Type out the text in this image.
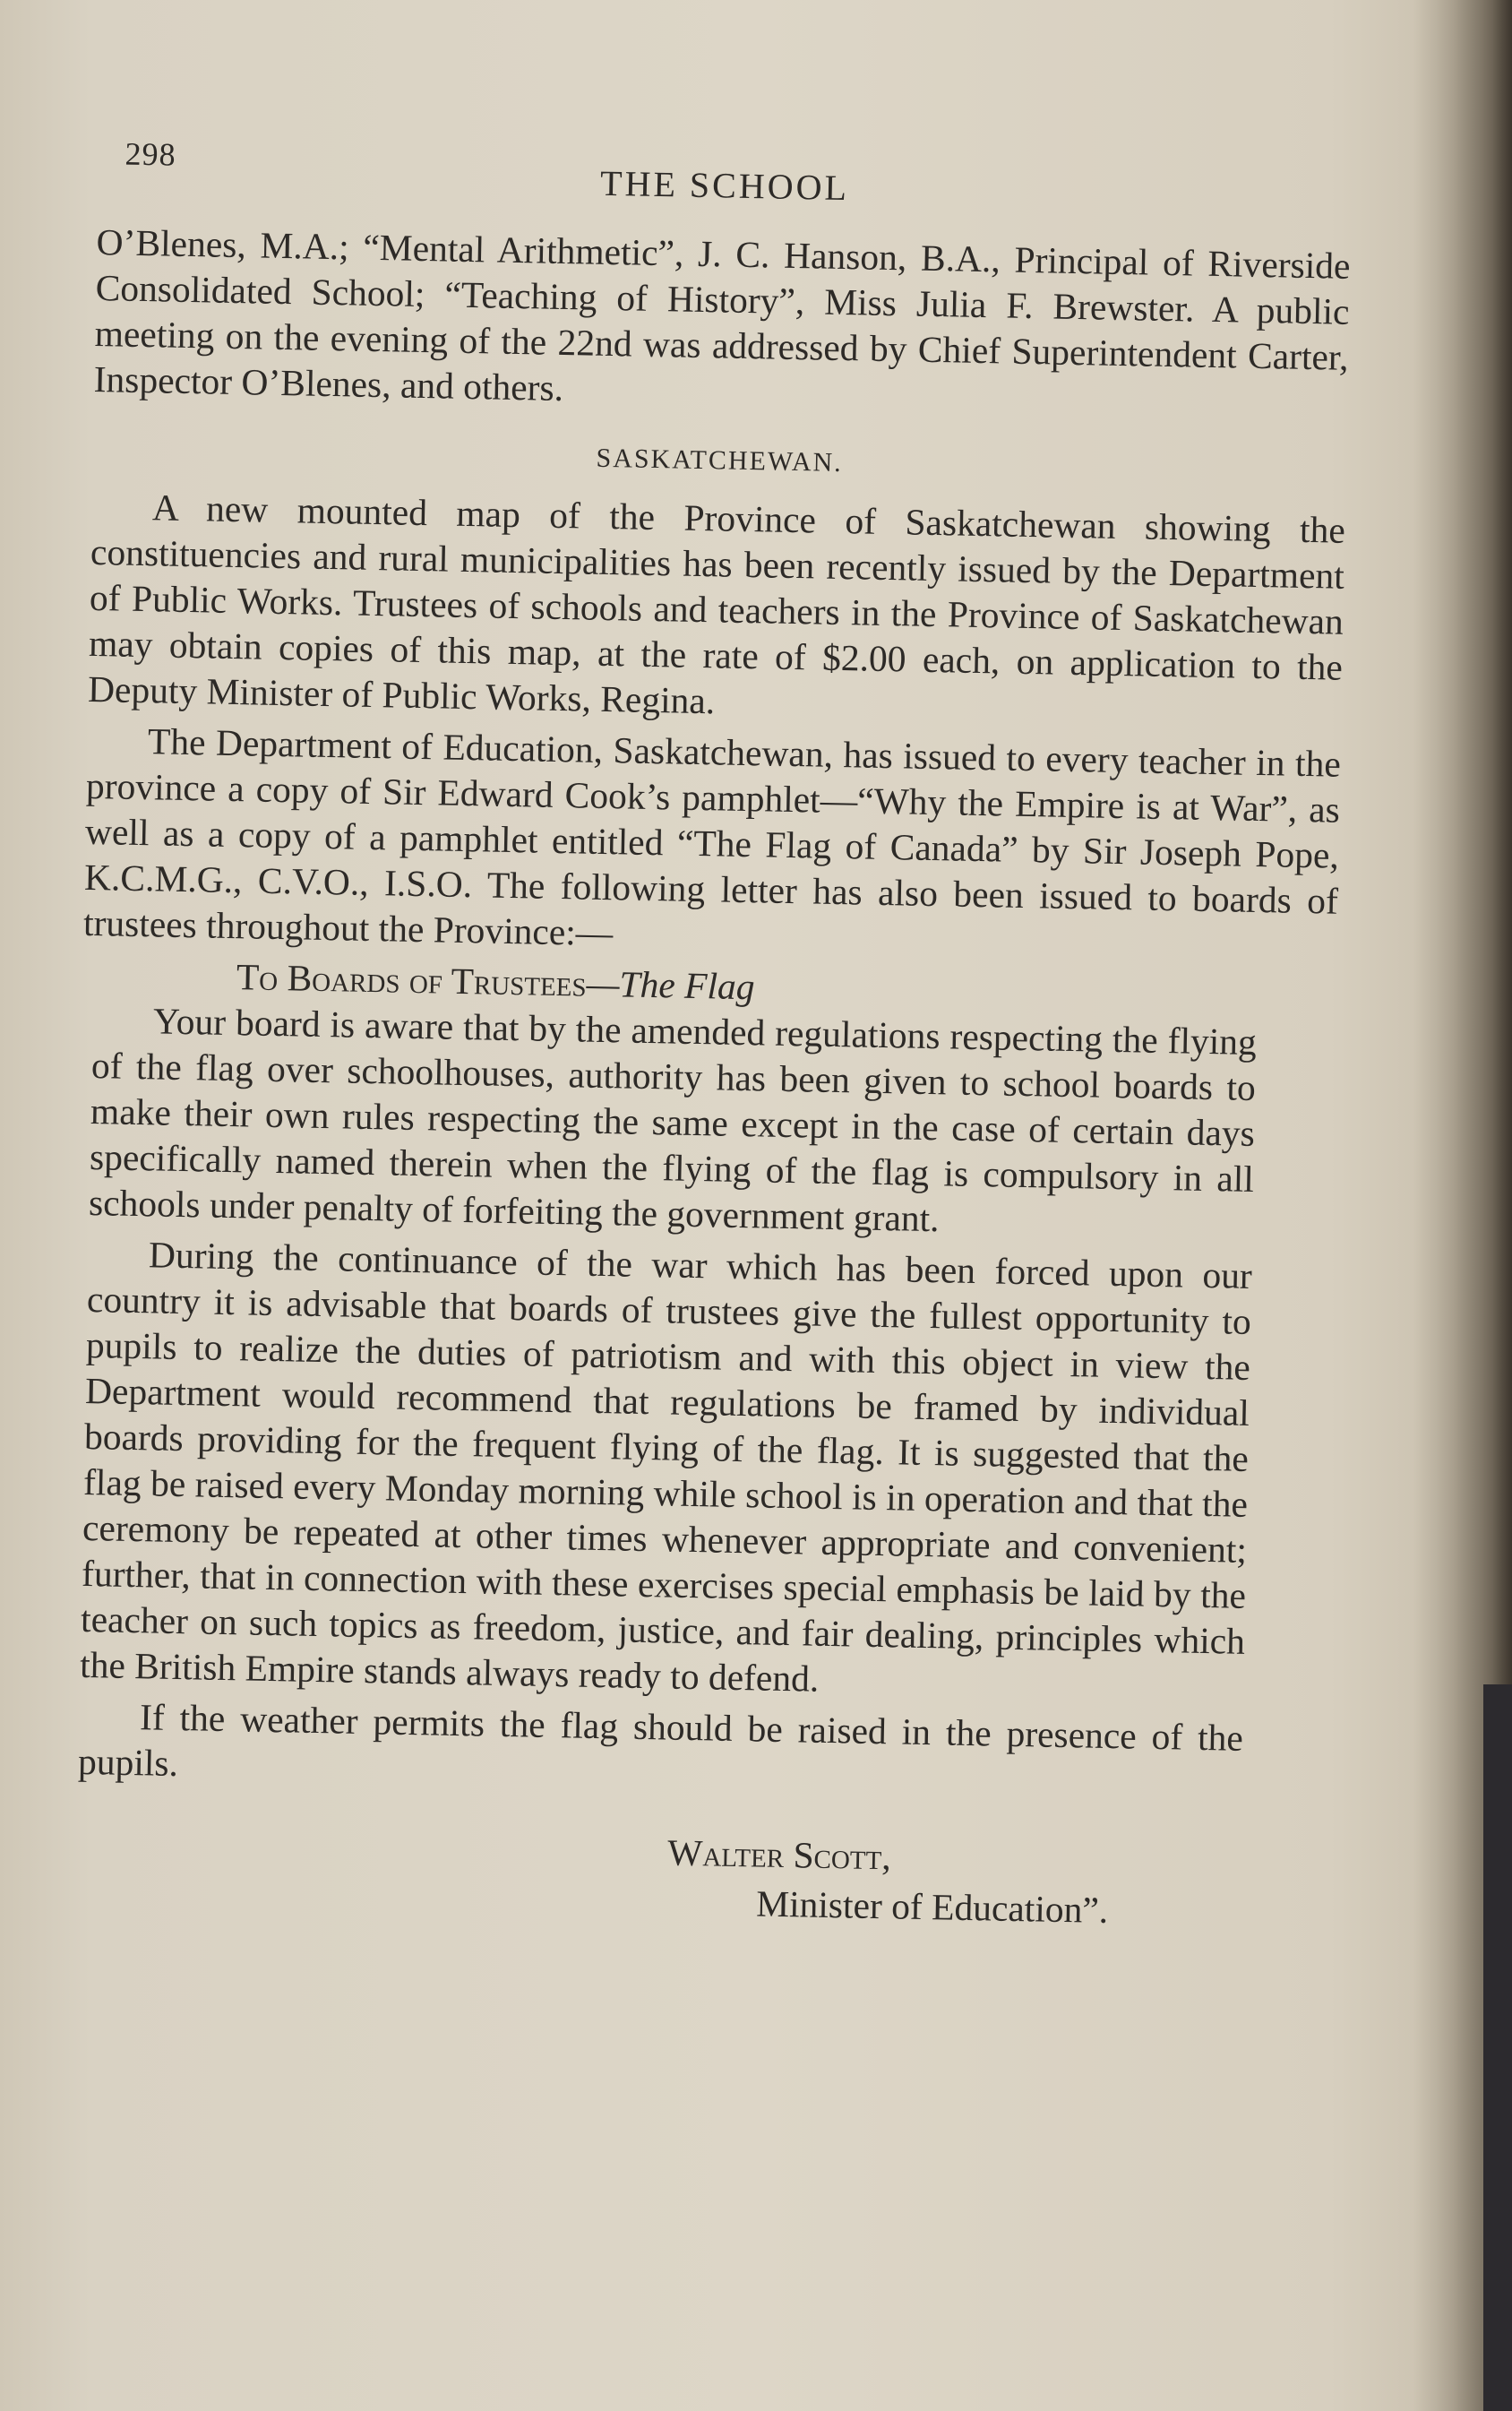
298
THE SCHOOL

O’Blenes, M.A.; “Mental Arithmetic”, J. C. Hanson, B.A., Principal of Riverside Consolidated School; “Teaching of History”, Miss Julia F. Brewster. A public meeting on the evening of the 22nd was addressed by Chief Superintendent Carter, Inspector O’Blenes, and others.

SASKATCHEWAN.

A new mounted map of the Province of Saskatchewan showing the constituencies and rural municipalities has been recently issued by the Department of Public Works. Trustees of schools and teachers in the Province of Saskatchewan may obtain copies of this map, at the rate of $2.00 each, on application to the Deputy Minister of Public Works, Regina.

The Department of Education, Saskatchewan, has issued to every teacher in the province a copy of Sir Edward Cook’s pamphlet—“Why the Empire is at War”, as well as a copy of a pamphlet entitled “The Flag of Canada” by Sir Joseph Pope, K.C.M.G., C.V.O., I.S.O. The following letter has also been issued to boards of trustees throughout the Province:—

To Boards of Trustees—The Flag

Your board is aware that by the amended regulations respecting the flying of the flag over schoolhouses, authority has been given to school boards to make their own rules respecting the same except in the case of certain days specifically named therein when the flying of the flag is compulsory in all schools under penalty of forfeiting the government grant.

During the continuance of the war which has been forced upon our country it is advisable that boards of trustees give the fullest opportunity to pupils to realize the duties of patriotism and with this object in view the Department would recommend that regulations be framed by individual boards providing for the frequent flying of the flag. It is suggested that the flag be raised every Monday morning while school is in operation and that the ceremony be repeated at other times whenever appropriate and convenient; further, that in connection with these exercises special emphasis be laid by the teacher on such topics as freedom, justice, and fair dealing, principles which the British Empire stands always ready to defend.

If the weather permits the flag should be raised in the presence of the pupils.

Walter Scott,

Minister of Education”.
